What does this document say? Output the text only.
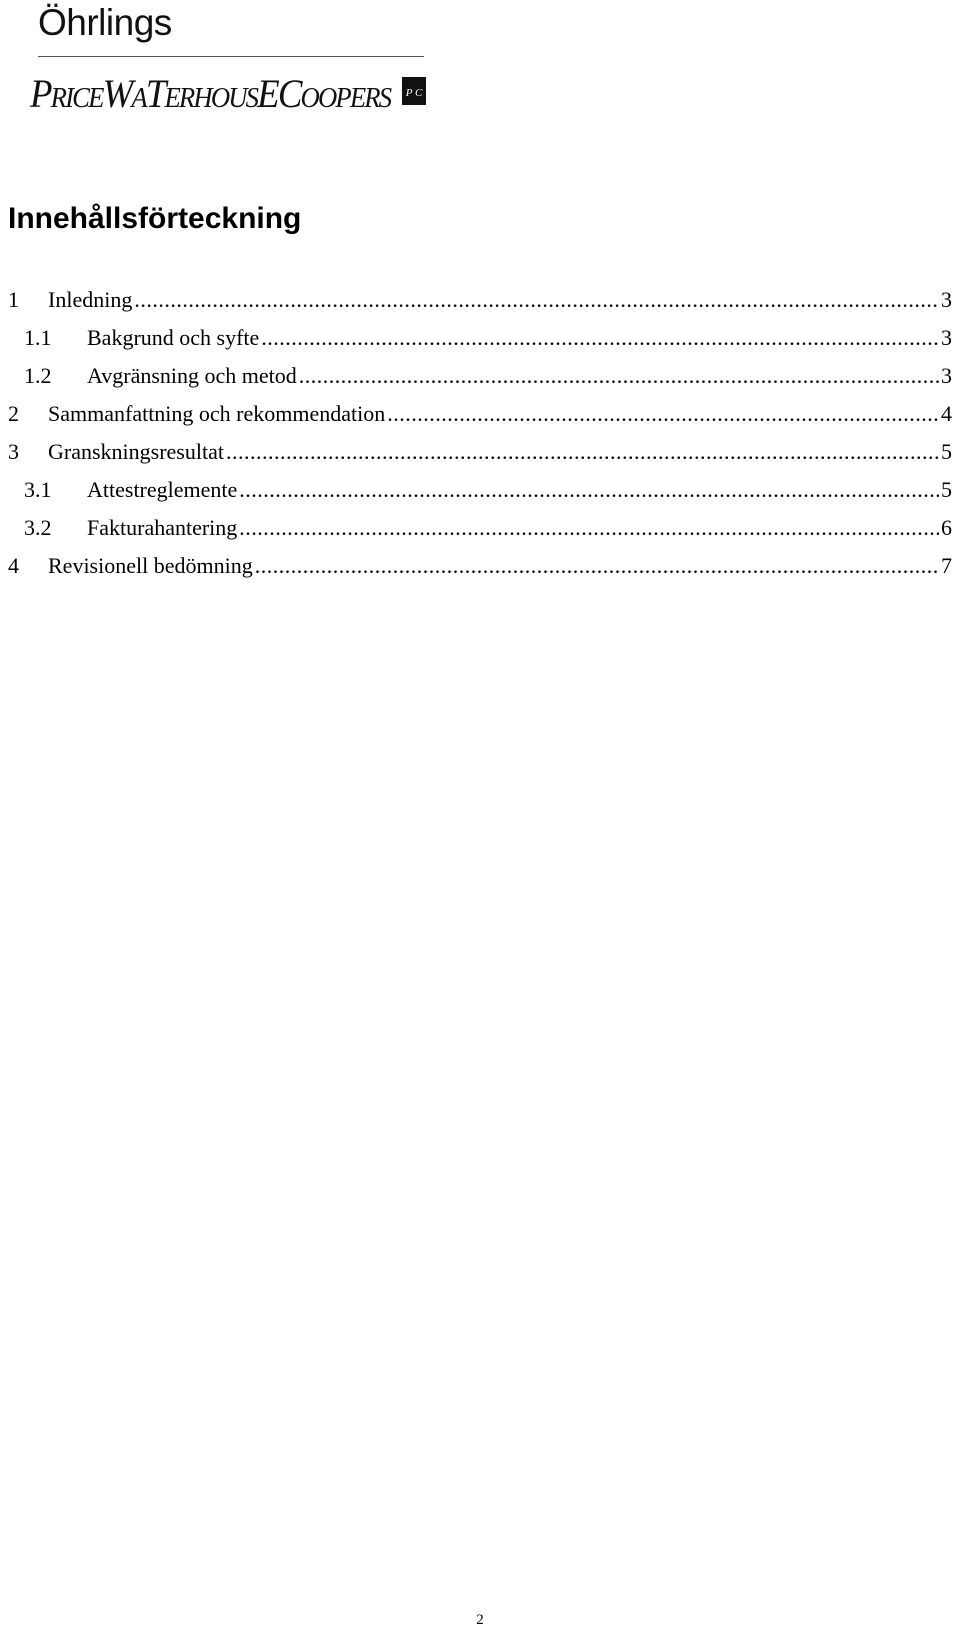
Öhrlings
PRICEWATERHOUSECOOPERS P C
Innehållsförteckning
1	Inledning .....	3
1.1	Bakgrund och syfte .....	3
1.2	Avgränsning och metod .....	3
2	Sammanfattning och rekommendation .....	4
3	Granskningsresultat .....	5
3.1	Attestreglemente .....	5
3.2	Fakturahantering .....	6
4	Revisionell bedömning .....	7
2
